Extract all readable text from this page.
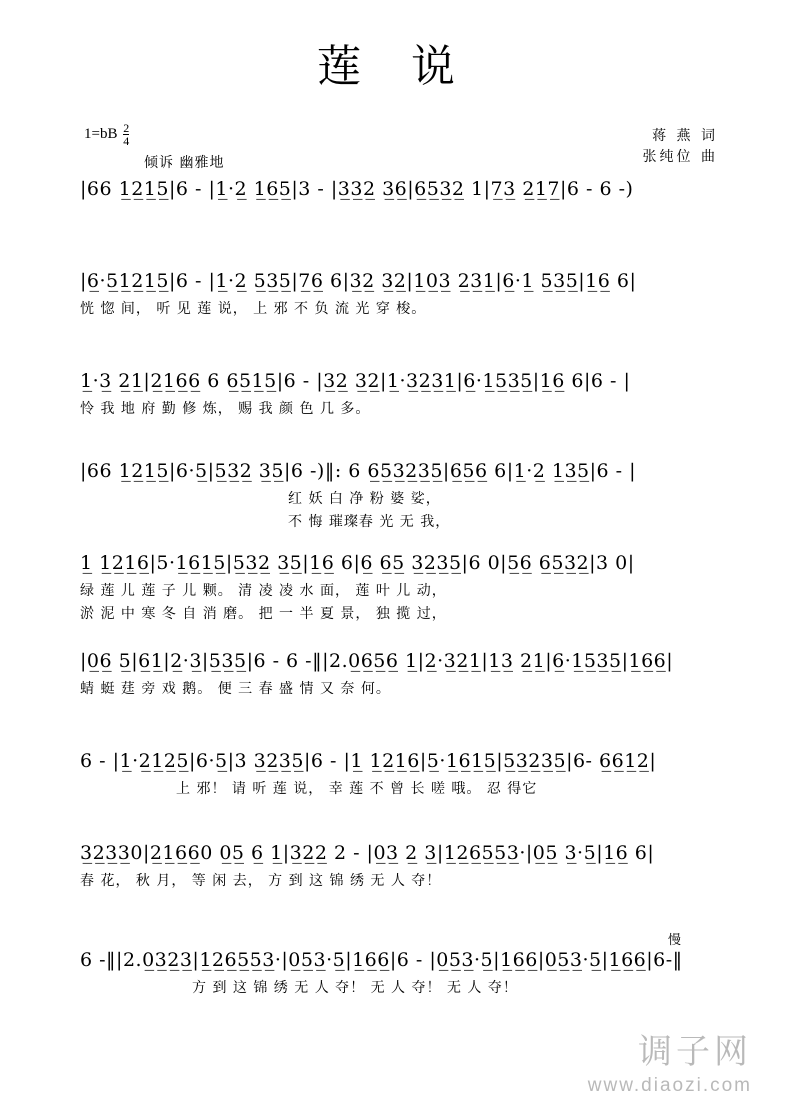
莲 说
$1=bB \frac{2}{4}$
倾诉 幽雅地
蒋 燕 词
张纯位 曲
|66 1̲2̲1̲5̲|6 - |1̲·2̲ 1̲6̲5̲|3 - |3̲3̲2̲ 3̲6̲|6̲5̲3̲2̲ 1|7̲3̲ 2̲1̲7̲|6 - 6 -)
|6̲·5̲1̲2̲1̲5̲|6 - |1̲·2̲ 5̲3̲5̲|7̲6̲ 6|3̲2̲ 3̲2̲|1̲0̲3̲ 2̲3̲1̲|6̲·1̲ 5̲3̲5̲|1̲6̲ 6|
恍 惚 间， 听 见 莲 说， 上 邪 不 负 流 光 穿 梭。
1̲·3̲ 2̲1̲|2̲1̲6̲6̲ 6 6̲5̲1̲5̲|6 - |3̲2̲ 3̲2̲|1̲·3̲2̲3̲1̲|6̲·1̲5̲3̲5̲|1̲6̲ 6|6 - |
怜 我 地 府 勤 修 炼， 赐 我 颜 色 几 多。
|66 1̲2̲1̲5̲|6·5̲|5̲3̲2̲ 3̲5̲|6 -)‖: 6 6̲5̲3̲2̲3̲5̲|6̲5̲6̲ 6|1̲·2̲ 1̲3̲5̲|6 - |
红 妖 白 净 粉 婆 娑，
不 悔 璀璨春 光 无 我，
1̲ 1̲2̲1̲6̲|5·1̲6̲1̲5̲|5̲3̲2̲ 3̲5̲|1̲6̲ 6|6̲ 6̲5̲ 3̲2̲3̲5̲|6 0|5̲6̲ 6̲5̲3̲2̲|3 0|
绿 莲 儿 莲 子 儿 颗。 清 凌 凌 水 面， 莲 叶 儿 动，
淤 泥 中 寒 冬 自 消 磨。 把 一 半 夏 景， 独 揽 过，
|0̲6̲ 5̲|6̲1̲|2̲·3̲|5̲3̲5̲|6 - 6 -‖|2.0̲6̲5̲6̲ 1̲|2̲·3̲2̲1̲|1̲3̲ 2̲1̲|6̲·1̲5̲3̲5̲|1̲6̲6̲|
蜻 蜓 莛 旁 戏 鹅。 便 三 春 盛 情 又 奈 何。
6 - |1̲·2̲1̲2̲5̲|6·5̲|3 3̲2̲3̲5̲|6 - |1̲ 1̲2̲1̲6̲|5̲·1̲6̲1̲5̲|5̲3̲2̲3̲5̲|6- 6̲6̲1̲2̲|
上 邪！ 请 听 莲 说， 幸 莲 不 曾 长 嗟 哦。 忍 得它
3̲2̲3̲3̲0|2̲1̲6̲6̲0 0̲5̲ 6̲ 1̲|3̲2̲2̲ 2 - |0̲3̲ 2̲ 3̲|1̲2̲6̲5̲5̲3̲·|0̲5̲ 3̲·5̲|1̲6̲ 6|
春 花， 秋 月， 等 闲 去， 方 到 这 锦 绣 无 人 夺！
慢
6 -‖|2.0̲3̲2̲3̲|1̲2̲6̲5̲5̲3̲·|0̲5̲3̲·5̲|1̲6̲6̲|6 - |0̲5̲3̲·5̲|1̲6̲6̲|0̲5̲3̲·5̲|1̲6̲6̲|6-‖
方 到 这 锦 绣 无 人 夺！ 无 人 夺！ 无 人 夺！
调子网
www.diaozi.com
